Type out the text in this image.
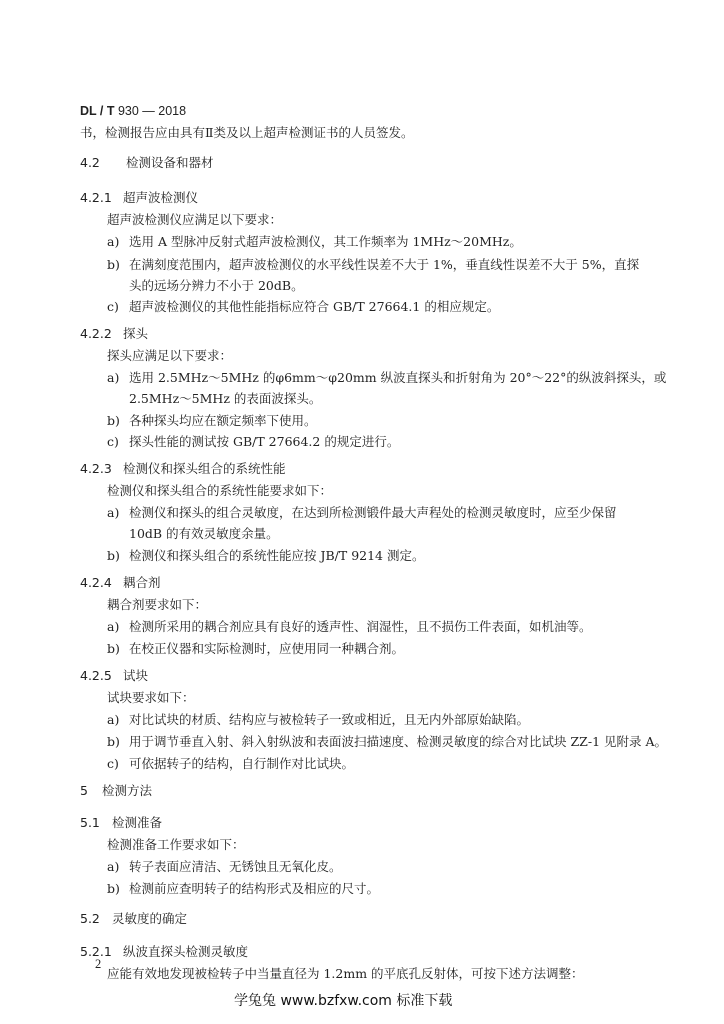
DL / T 930 — 2018
书，检测报告应由具有Ⅱ类及以上超声检测证书的人员签发。
4.2 检测设备和器材
4.2.1 超声波检测仪
超声波检测仪应满足以下要求：
a) 选用 A 型脉冲反射式超声波检测仪，其工作频率为 1MHz～20MHz。
b) 在满刻度范围内，超声波检测仪的水平线性误差不大于 1%，垂直线性误差不大于 5%，直探
头的远场分辨力不小于 20dB。
c) 超声波检测仪的其他性能指标应符合 GB/T 27664.1 的相应规定。
4.2.2 探头
探头应满足以下要求：
a) 选用 2.5MHz～5MHz 的φ6mm～φ20mm 纵波直探头和折射角为 20°～22°的纵波斜探头，或
2.5MHz～5MHz 的表面波探头。
b) 各种探头均应在额定频率下使用。
c) 探头性能的测试按 GB/T 27664.2 的规定进行。
4.2.3 检测仪和探头组合的系统性能
检测仪和探头组合的系统性能要求如下：
a) 检测仪和探头的组合灵敏度，在达到所检测锻件最大声程处的检测灵敏度时，应至少保留
10dB 的有效灵敏度余量。
b) 检测仪和探头组合的系统性能应按 JB/T 9214 测定。
4.2.4 耦合剂
耦合剂要求如下：
a) 检测所采用的耦合剂应具有良好的透声性、润湿性，且不损伤工件表面，如机油等。
b) 在校正仪器和实际检测时，应使用同一种耦合剂。
4.2.5 试块
试块要求如下：
a) 对比试块的材质、结构应与被检转子一致或相近，且无内外部原始缺陷。
b) 用于调节垂直入射、斜入射纵波和表面波扫描速度、检测灵敏度的综合对比试块 ZZ-1 见附录 A。
c) 可依据转子的结构，自行制作对比试块。
5 检测方法
5.1 检测准备
检测准备工作要求如下：
a) 转子表面应清洁、无锈蚀且无氧化皮。
b) 检测前应查明转子的结构形式及相应的尺寸。
5.2 灵敏度的确定
5.2.1 纵波直探头检测灵敏度
应能有效地发现被检转子中当量直径为 1.2mm 的平底孔反射体，可按下述方法调整：
2
学兔兔 www.bzfxw.com 标准下载
